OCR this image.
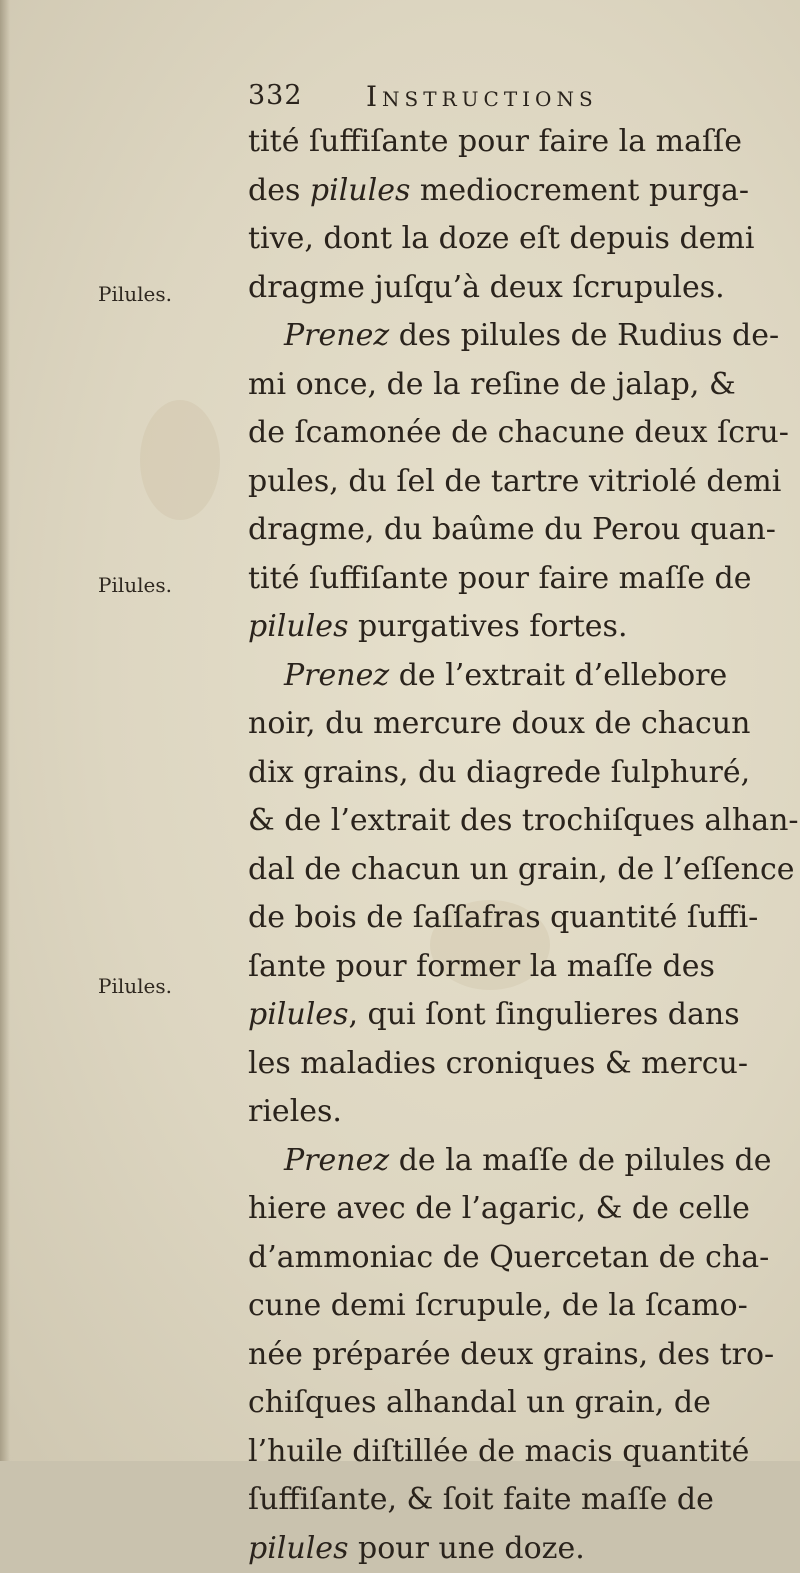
332 Instructions
Pilules.
Pilules.
Pilules.
tité ſuffiſante pour faire la maſſe
des pilules mediocrement purga-
tive, dont la doze eſt depuis demi
dragme juſqu’à deux ſcrupules.
Prenez des pilules de Rudius de-
mi once, de la reſine de jalap, &
de ſcamonée de chacune deux ſcru-
pules, du ſel de tartre vitriolé demi
dragme, du baûme du Perou quan-
tité ſuffiſante pour faire maſſe de
pilules purgatives fortes.
Prenez de l’extrait d’ellebore
noir, du mercure doux de chacun
dix grains, du diagrede ſulphuré,
& de l’extrait des trochiſques alhan-
dal de chacun un grain, de l’eſſence
de bois de ſaſſafras quantité ſuffi-
ſante pour former la maſſe des
pilules, qui ſont ſingulieres dans
les maladies croniques & mercu-
rieles.
Prenez de la maſſe de pilules de
hiere avec de l’agaric, & de celle
d’ammoniac de Quercetan de cha-
cune demi ſcrupule, de la ſcamo-
née préparée deux grains, des tro-
chiſques alhandal un grain, de
l’huile diſtillée de macis quantité
ſuffiſante, & ſoit faite maſſe de
pilules pour une doze.
